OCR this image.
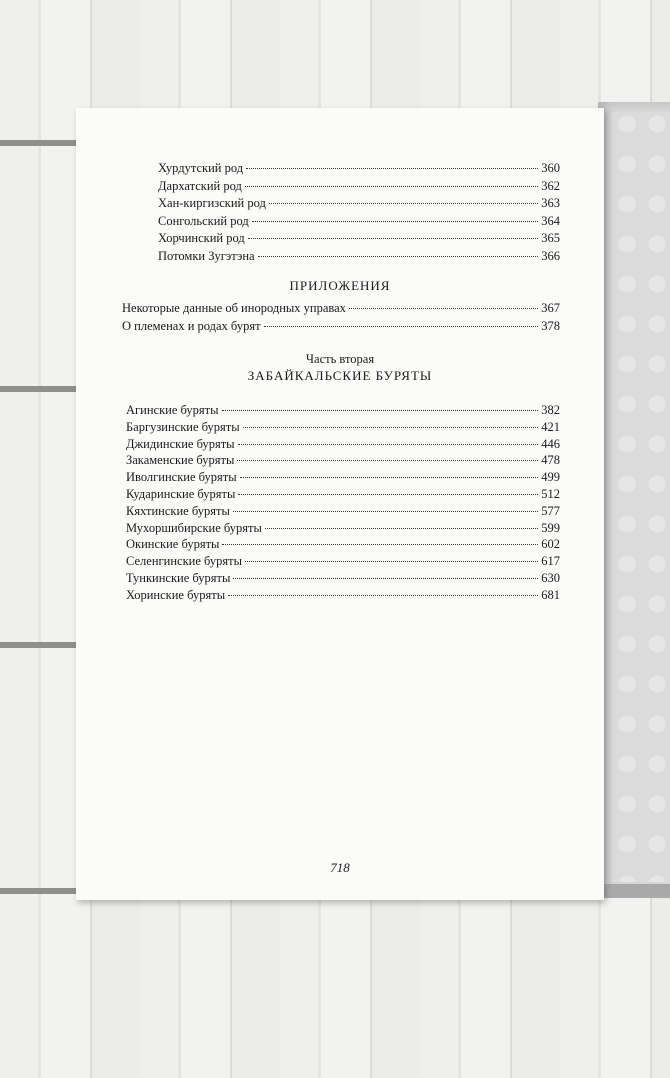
Хурдутский род	360
Дархатский род	362
Хан-киргизский род	363
Сонгольский род	364
Хорчинский род	365
Потомки Зугэтэна	366
ПРИЛОЖЕНИЯ
Некоторые данные об инородных управах	367
О племенах и родах бурят	378
Часть вторая
ЗАБАЙКАЛЬСКИЕ БУРЯТЫ
Агинские буряты	382
Баргузинские буряты	421
Джидинские буряты	446
Закаменские буряты	478
Иволгинские буряты	499
Кударинские буряты	512
Кяхтинские буряты	577
Мухоршибирские буряты	599
Окинские буряты	602
Селенгинские буряты	617
Тункинские буряты	630
Хоринские буряты	681
718
